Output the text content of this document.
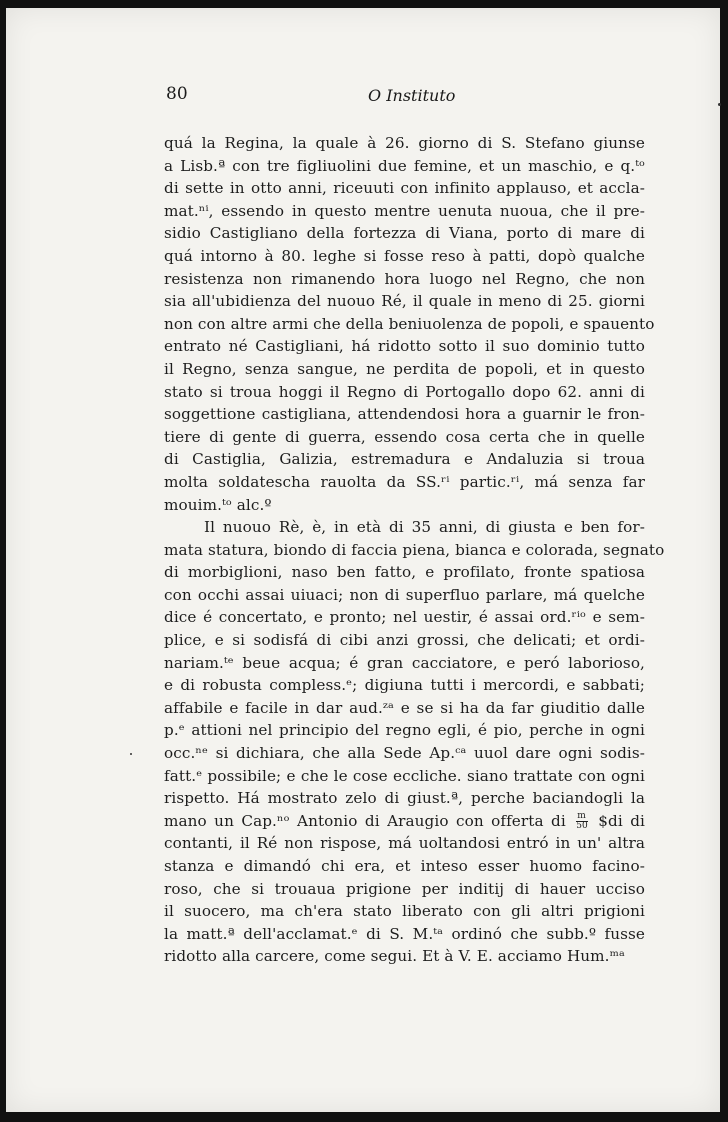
80	O Instituto
quá la Regina, la quale à 26. giorno di S. Stefano giunse
a Lisb.ª con tre figliuolini due femine, et un maschio, e q.ᵗᵒ
di sette in otto anni, riceuuti con infinito applauso, et accla-
mat.ⁿⁱ, essendo in questo mentre uenuta nuoua, che il pre-
sidio Castigliano della fortezza di Viana, porto di mare di
quá intorno à 80. leghe si fosse reso à patti, dopò qualche
resistenza non rimanendo hora luogo nel Regno, che non
sia all'ubidienza del nuouo Ré, il quale in meno di 25. giorni
non con altre armi che della beniuolenza de popoli, e spauento
entrato né Castigliani, há ridotto sotto il suo dominio tutto
il Regno, senza sangue, ne perdita de popoli, et in questo
stato si troua hoggi il Regno di Portogallo dopo 62. anni di
soggettione castigliana, attendendosi hora a guarnir le fron-
tiere di gente di guerra, essendo cosa certa che in quelle
di Castiglia, Galizia, estremadura e Andaluzia si troua
molta soldatescha rauolta da SS.ʳⁱ partic.ʳⁱ, má senza far
mouim.ᵗᵒ alc.º
Il nuouo Rè, è, in età di 35 anni, di giusta e ben for-
mata statura, biondo di faccia piena, bianca e colorada, segnato
di morbiglioni, naso ben fatto, e profilato, fronte spatiosa
con occhi assai uiuaci; non di superfluo parlare, má quelche
dice é concertato, e pronto; nel uestir, é assai ord.ʳⁱᵒ e sem-
plice, e si sodisfá di cibi anzi grossi, che delicati; et ordi-
nariam.ᵗᵉ beue acqua; é gran cacciatore, e peró laborioso,
e di robusta compless.ᵉ; digiuna tutti i mercordi, e sabbati;
affabile e facile in dar aud.ᶻᵃ e se si ha da far giuditio dalle
p.ᵉ attioni nel principio del regno egli, é pio, perche in ogni
occ.ⁿᵉ si dichiara, che alla Sede Ap.ᶜᵃ uuol dare ogni sodis-
fatt.ᵉ possibile; e che le cose eccliche. siano trattate con ogni
rispetto. Há mostrato zelo di giust.ª, perche baciandogli la
mano un Cap.ⁿᵒ Antonio di Araugio con offerta di $\frac{m}{50}$ $di di
contanti, il Ré non rispose, má uoltandosi entró in un' altra
stanza e dimandó chi era, et inteso esser huomo facino-
roso, che si trouaua prigione per inditij di hauer ucciso
il suocero, ma ch'era stato liberato con gli altri prigioni
la matt.ª dell'acclamat.ᵉ di S. M.ᵗᵃ ordinó che subb.º fusse
ridotto alla carcere, come segui. Et à V. E. acciamo Hum.ᵐᵃ
